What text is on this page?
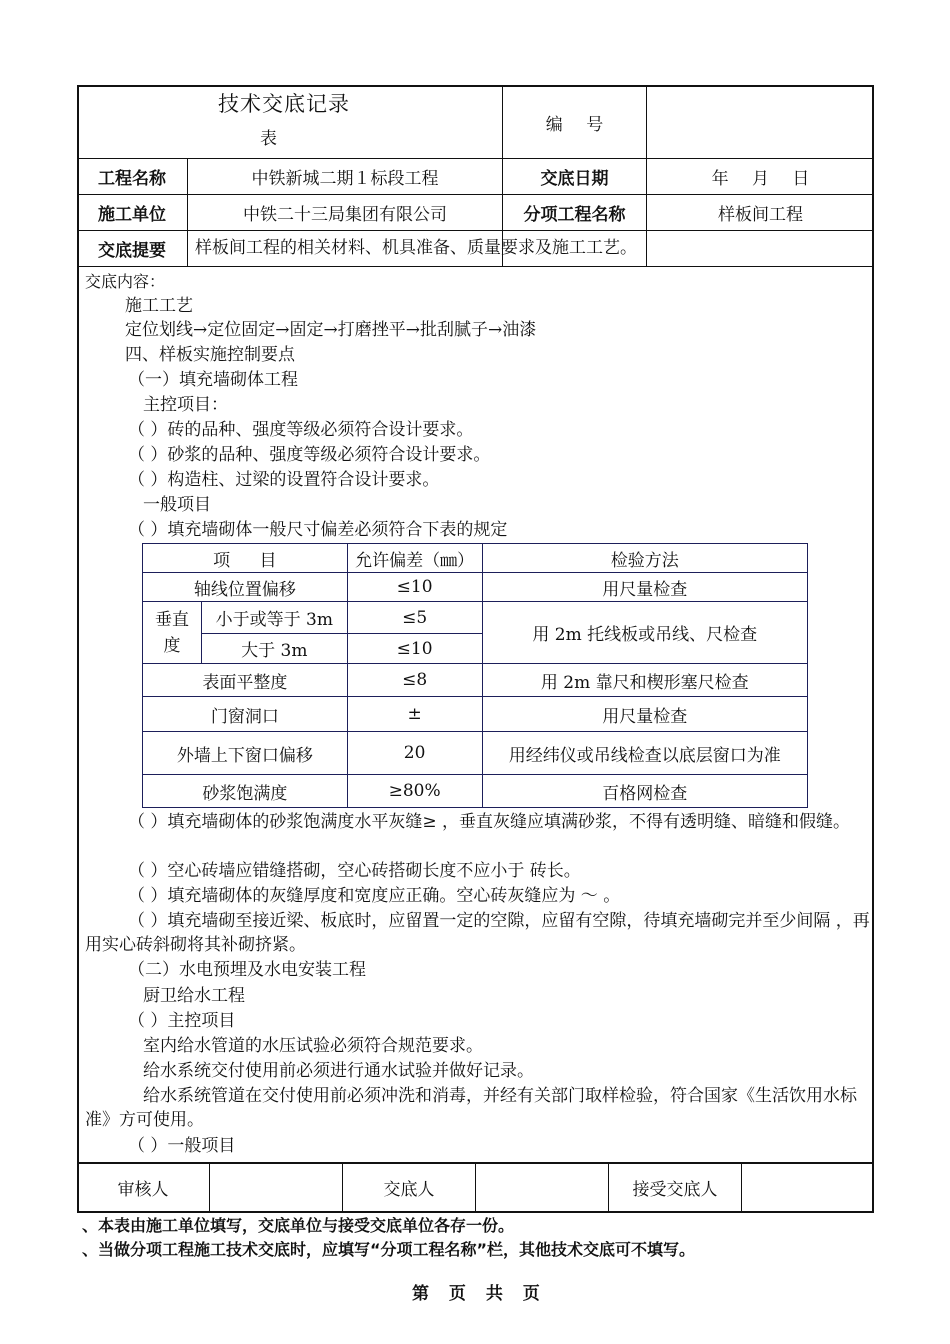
技术交底记录
表
编 号
工程名称	中铁新城二期１标段工程	交底日期	年 月 日
施工单位	中铁二十三局集团有限公司	分项工程名称	样板间工程
交底提要	样板间工程的相关材料、机具准备、质量要求及施工工艺。
交底内容：
施工工艺
定位划线→定位固定→固定→打磨挫平→批刮腻子→油漆
四、样板实施控制要点
（一）填充墙砌体工程
主控项目：
（ ）砖的品种、强度等级必须符合设计要求。
（ ）砂浆的品种、强度等级必须符合设计要求。
（ ）构造柱、过梁的设置符合设计要求。
一般项目
（ ）填充墙砌体一般尺寸偏差必须符合下表的规定
项 目		允许偏差（㎜）	检验方法
轴线位置偏移		≤10	用尺量检查
垂直度	小于或等于 3m	≤5	用 2m 托线板或吊线、尺检查
	大于 3m	≤10	
表面平整度		≤8	用 2m 靠尺和楔形塞尺检查
门窗洞口		±	用尺量检查
外墙上下窗口偏移		20	用经纬仪或吊线检查以底层窗口为准
砂浆饱满度		≥80%	百格网检查
（ ）填充墙砌体的砂浆饱满度水平灰缝≥ ，垂直灰缝应填满砂浆，不得有透明缝、暗缝和假缝。
（ ）空心砖墙应错缝搭砌，空心砖搭砌长度不应小于 砖长。
（ ）填充墙砌体的灰缝厚度和宽度应正确。空心砖灰缝应为 ～ 。
（ ）填充墙砌至接近梁、板底时，应留置一定的空隙，应留有空隙，待填充墙砌完并至少间隔 ，再用实心砖斜砌将其补砌挤紧。
（二）水电预埋及水电安装工程
厨卫给水工程
（ ）主控项目
室内给水管道的水压试验必须符合规范要求。
给水系统交付使用前必须进行通水试验并做好记录。
给水系统管道在交付使用前必须冲洗和消毒，并经有关部门取样检验，符合国家《生活饮用水标准》方可使用。
（ ）一般项目
审核人	交底人	接受交底人
、本表由施工单位填写，交底单位与接受交底单位各存一份。
、当做分项工程施工技术交底时，应填写“分项工程名称”栏，其他技术交底可不填写。
第 页 共 页
